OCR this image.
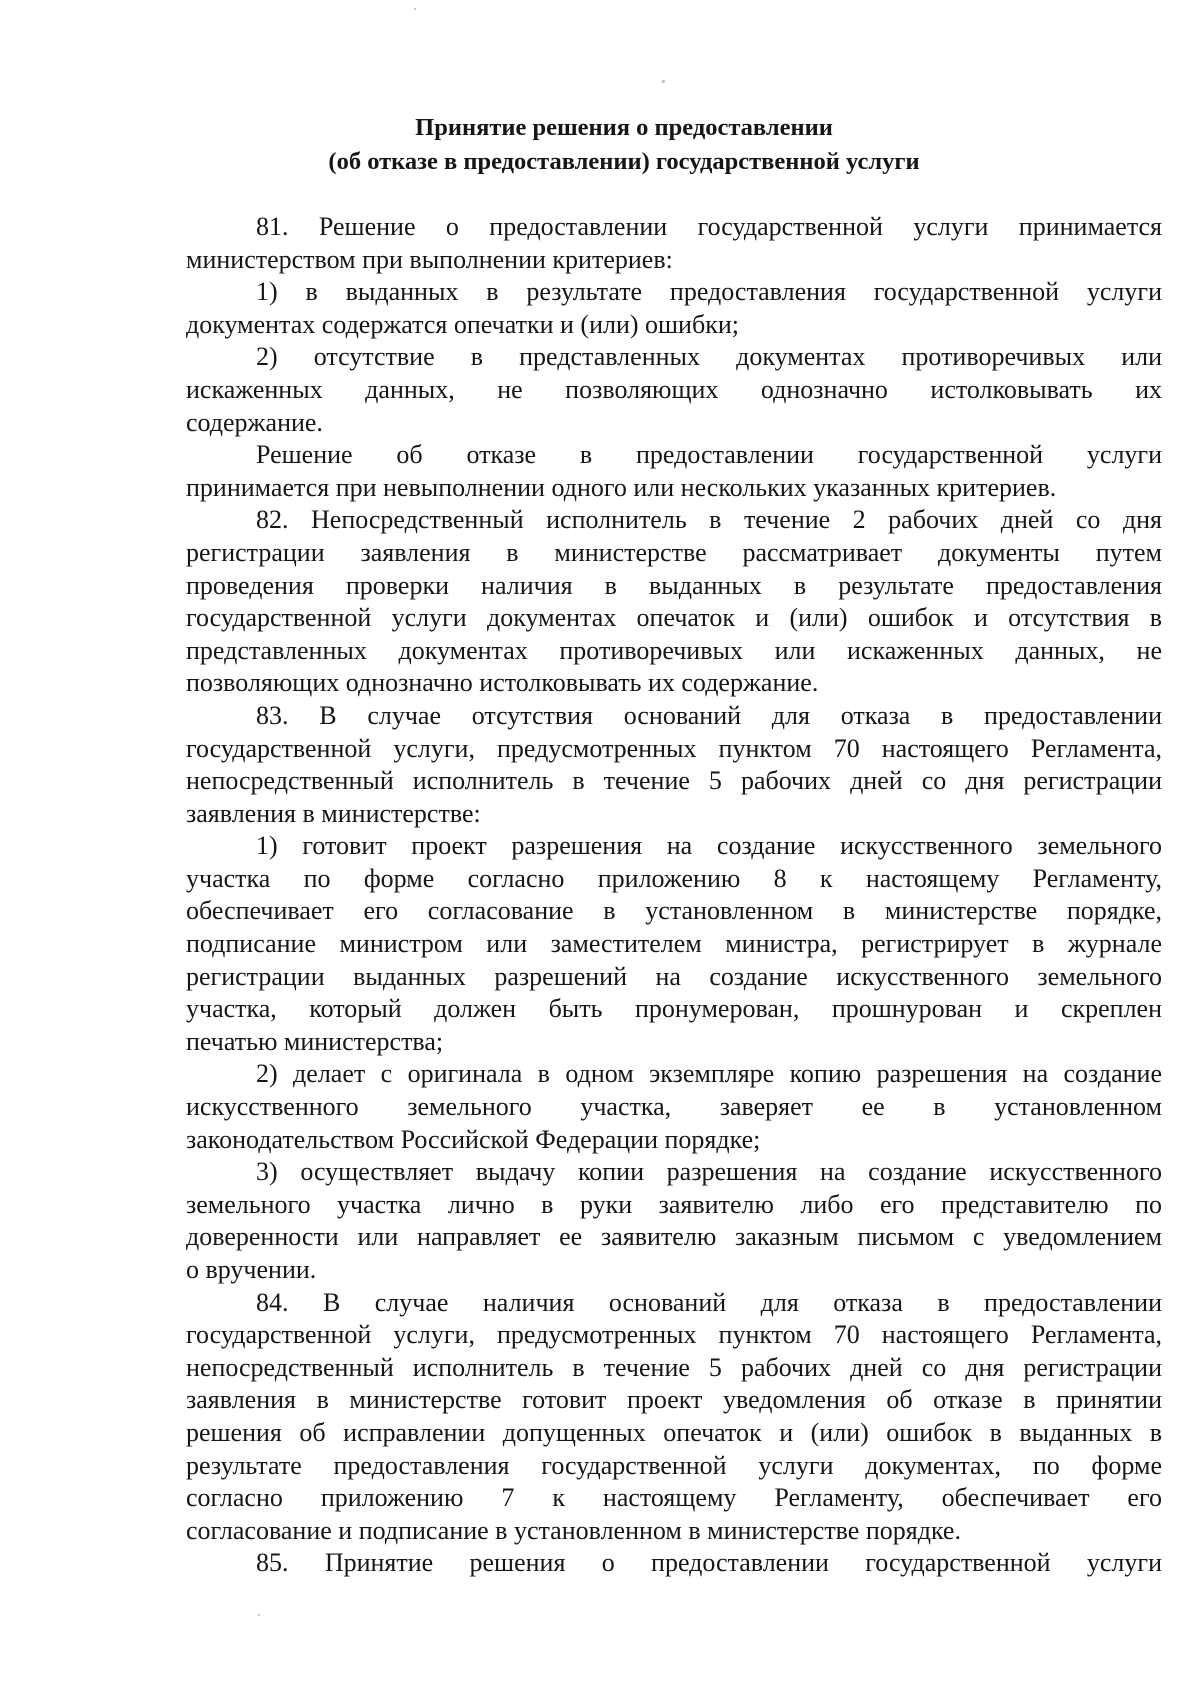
Принятие решения о предоставлении
(об отказе в предоставлении) государственной услуги
81. Решение о предоставлении государственной услуги принимается
министерством при выполнении критериев:
1) в выданных в результате предоставления государственной услуги
документах содержатся опечатки и (или) ошибки;
2) отсутствие в представленных документах противоречивых или
искаженных данных, не позволяющих однозначно истолковывать их
содержание.
Решение об отказе в предоставлении государственной услуги
принимается при невыполнении одного или нескольких указанных критериев.
82. Непосредственный исполнитель в течение 2 рабочих дней со дня
регистрации заявления в министерстве рассматривает документы путем
проведения проверки наличия в выданных в результате предоставления
государственной услуги документах опечаток и (или) ошибок и отсутствия в
представленных документах противоречивых или искаженных данных, не
позволяющих однозначно истолковывать их содержание.
83. В случае отсутствия оснований для отказа в предоставлении
государственной услуги, предусмотренных пунктом 70 настоящего Регламента,
непосредственный исполнитель в течение 5 рабочих дней со дня регистрации
заявления в министерстве:
1) готовит проект разрешения на создание искусственного земельного
участка по форме согласно приложению 8 к настоящему Регламенту,
обеспечивает его согласование в установленном в министерстве порядке,
подписание министром или заместителем министра, регистрирует в журнале
регистрации выданных разрешений на создание искусственного земельного
участка, который должен быть пронумерован, прошнурован и скреплен
печатью министерства;
2) делает с оригинала в одном экземпляре копию разрешения на создание
искусственного земельного участка, заверяет ее в установленном
законодательством Российской Федерации порядке;
3) осуществляет выдачу копии разрешения на создание искусственного
земельного участка лично в руки заявителю либо его представителю по
доверенности или направляет ее заявителю заказным письмом с уведомлением
о вручении.
84. В случае наличия оснований для отказа в предоставлении
государственной услуги, предусмотренных пунктом 70 настоящего Регламента,
непосредственный исполнитель в течение 5 рабочих дней со дня регистрации
заявления в министерстве готовит проект уведомления об отказе в принятии
решения об исправлении допущенных опечаток и (или) ошибок в выданных в
результате предоставления государственной услуги документах, по форме
согласно приложению 7 к настоящему Регламенту, обеспечивает его
согласование и подписание в установленном в министерстве порядке.
85. Принятие решения о предоставлении государственной услуги
